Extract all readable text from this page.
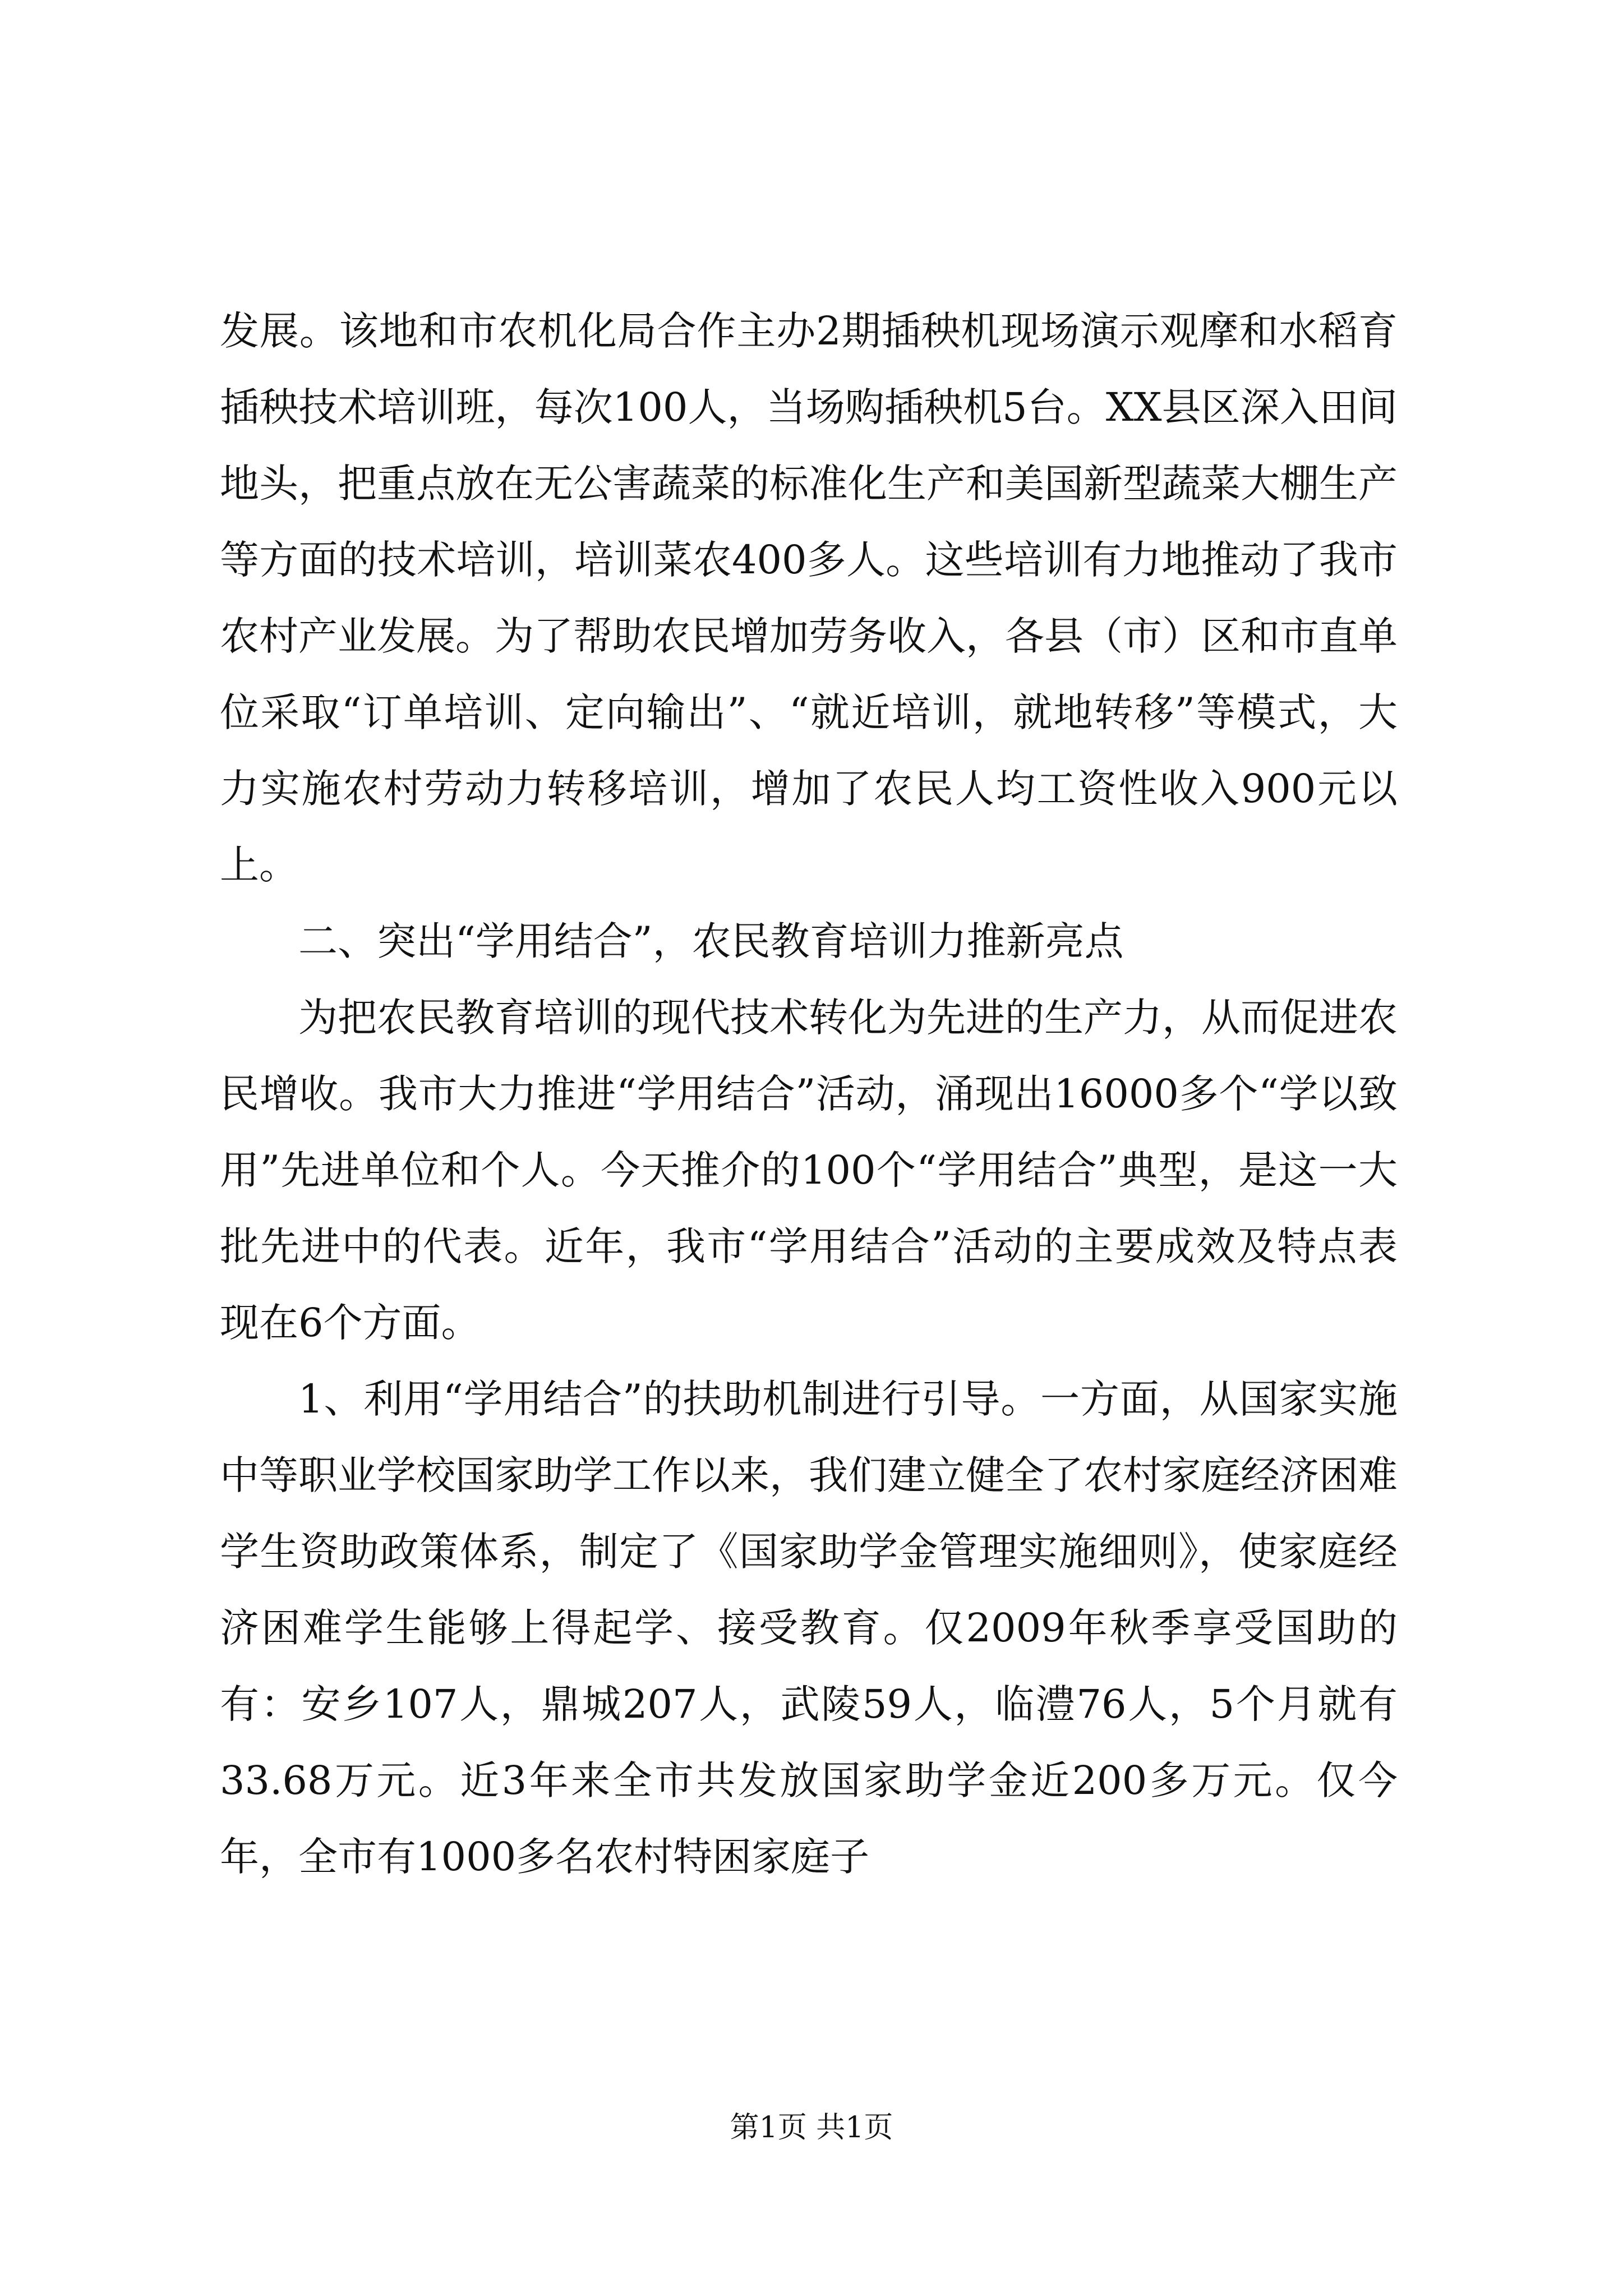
发展。该地和市农机化局合作主办2期插秧机现场演示观摩和水稻育插秧技术培训班，每次100人，当场购插秧机5台。XX县区深入田间地头，把重点放在无公害蔬菜的标准化生产和美国新型蔬菜大棚生产等方面的技术培训，培训菜农400多人。这些培训有力地推动了我市农村产业发展。为了帮助农民增加劳务收入，各县（市）区和市直单位采取“订单培训、定向输出”、“就近培训，就地转移”等模式，大力实施农村劳动力转移培训，增加了农民人均工资性收入900元以上。

二、突出“学用结合”，农民教育培训力推新亮点

为把农民教育培训的现代技术转化为先进的生产力，从而促进农民增收。我市大力推进“学用结合”活动，涌现出16000多个“学以致用”先进单位和个人。今天推介的100个“学用结合”典型，是这一大批先进中的代表。近年，我市“学用结合”活动的主要成效及特点表现在6个方面。

1、利用“学用结合”的扶助机制进行引导。一方面，从国家实施中等职业学校国家助学工作以来，我们建立健全了农村家庭经济困难学生资助政策体系，制定了《国家助学金管理实施细则》，使家庭经济困难学生能够上得起学、接受教育。仅2009年秋季享受国助的有：安乡107人，鼎城207人，武陵59人，临澧76人，5个月就有33.68万元。近3年来全市共发放国家助学金近200多万元。仅今年，全市有1000多名农村特困家庭子

第1页 共1页
